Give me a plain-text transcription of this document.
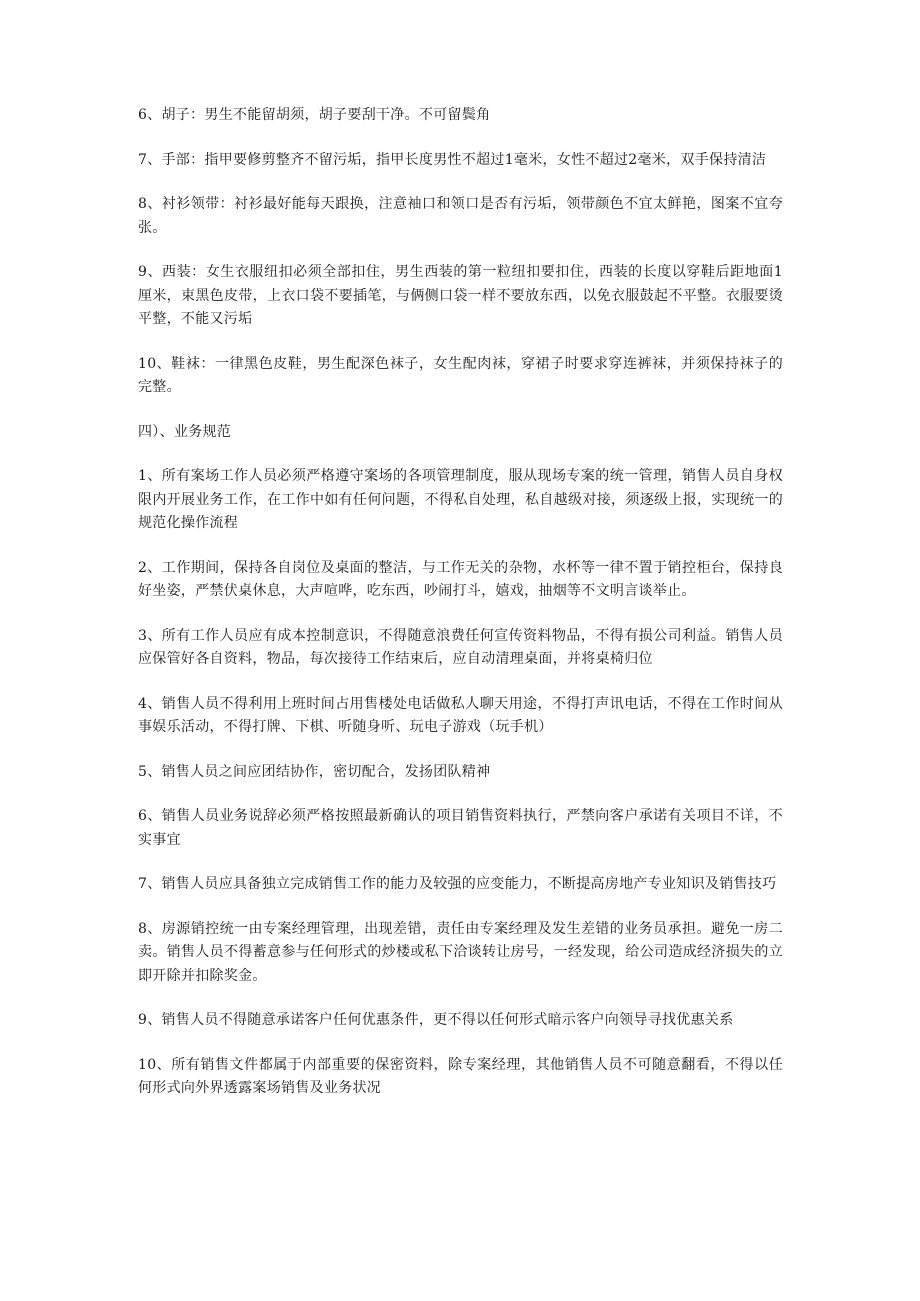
6、胡子：男生不能留胡须，胡子要刮干净。不可留鬓角

7、手部：指甲要修剪整齐不留污垢，指甲长度男性不超过1毫米，女性不超过2毫米，双手保持清洁

8、衬衫领带：衬衫最好能每天跟换，注意袖口和领口是否有污垢，领带颜色不宜太鲜艳，图案不宜夸张。

9、西装：女生衣服纽扣必须全部扣住，男生西装的第一粒纽扣要扣住，西装的长度以穿鞋后距地面1厘米，束黑色皮带，上衣口袋不要插笔，与俩侧口袋一样不要放东西，以免衣服鼓起不平整。衣服要烫平整，不能又污垢

10、鞋袜：一律黑色皮鞋，男生配深色袜子，女生配肉袜，穿裙子时要求穿连裤袜，并须保持袜子的完整。

四）、业务规范

1、所有案场工作人员必须严格遵守案场的各项管理制度，服从现场专案的统一管理，销售人员自身权限内开展业务工作，在工作中如有任何问题，不得私自处理，私自越级对接，须逐级上报，实现统一的规范化操作流程

2、工作期间，保持各自岗位及桌面的整洁，与工作无关的杂物，水杯等一律不置于销控柜台，保持良好坐姿，严禁伏桌休息，大声喧哗，吃东西，吵闹打斗，嬉戏，抽烟等不文明言谈举止。

3、所有工作人员应有成本控制意识，不得随意浪费任何宣传资料物品，不得有损公司利益。销售人员应保管好各自资料，物品，每次接待工作结束后，应自动清理桌面，并将桌椅归位

4、销售人员不得利用上班时间占用售楼处电话做私人聊天用途，不得打声讯电话，不得在工作时间从事娱乐活动，不得打牌、下棋、听随身听、玩电子游戏（玩手机）

5、销售人员之间应团结协作，密切配合，发扬团队精神

6、销售人员业务说辞必须严格按照最新确认的项目销售资料执行，严禁向客户承诺有关项目不详，不实事宜

7、销售人员应具备独立完成销售工作的能力及较强的应变能力，不断提高房地产专业知识及销售技巧

8、房源销控统一由专案经理管理，出现差错，责任由专案经理及发生差错的业务员承担。避免一房二卖。销售人员不得蓄意参与任何形式的炒楼或私下洽谈转让房号，一经发现，给公司造成经济损失的立即开除并扣除奖金。

9、销售人员不得随意承诺客户任何优惠条件，更不得以任何形式暗示客户向领导寻找优惠关系

10、所有销售文件都属于内部重要的保密资料，除专案经理，其他销售人员不可随意翻看，不得以任何形式向外界透露案场销售及业务状况
